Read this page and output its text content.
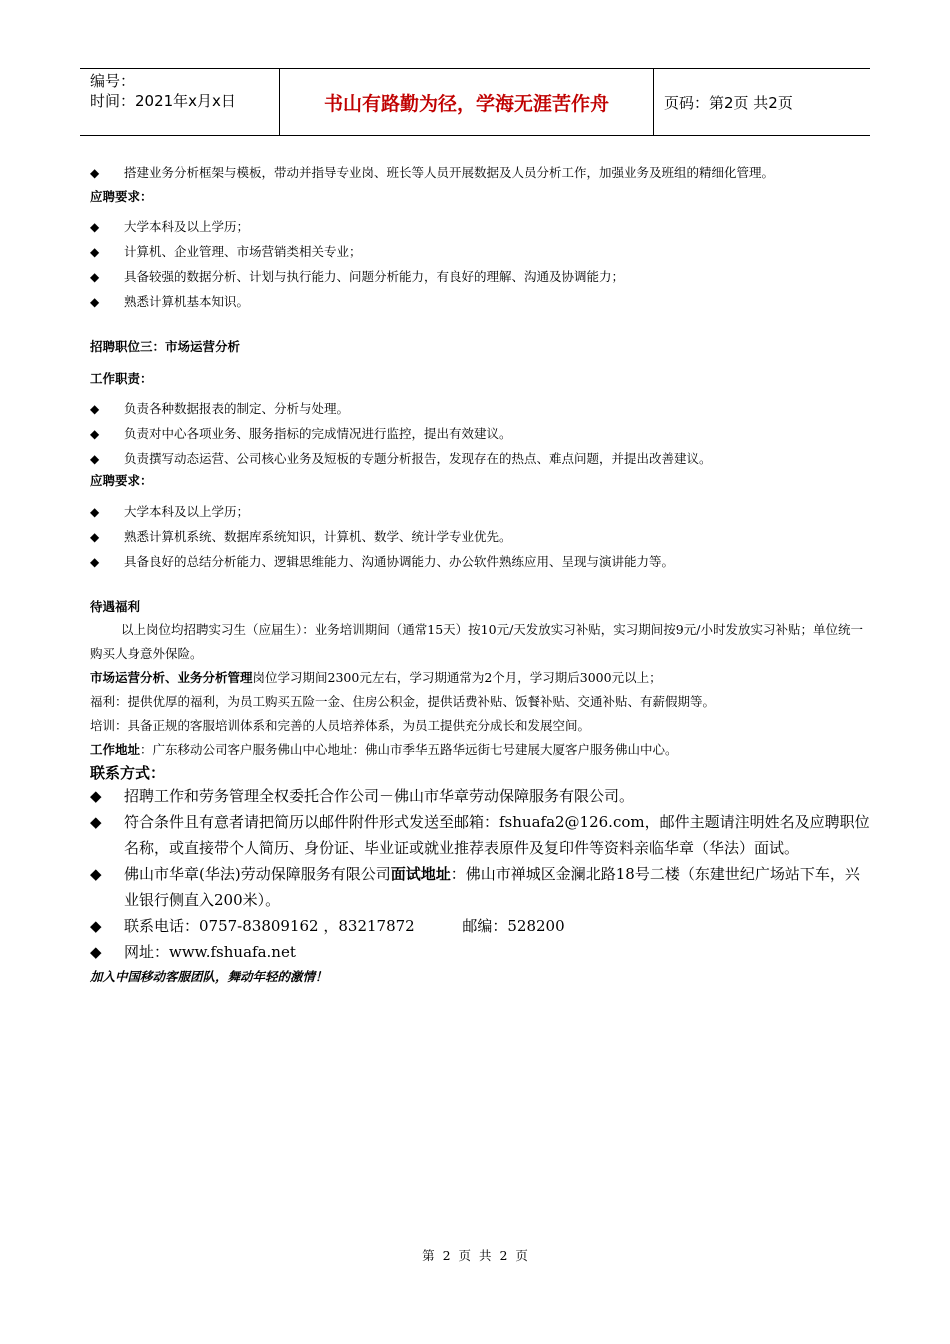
编号：
时间：2021年x月x日	书山有路勤为径，学海无涯苦作舟	页码：第2页 共2页
◆	搭建业务分析框架与模板，带动并指导专业岗、班长等人员开展数据及人员分析工作，加强业务及班组的精细化管理。
应聘要求：
◆	大学本科及以上学历；
◆	计算机、企业管理、市场营销类相关专业；
◆	具备较强的数据分析、计划与执行能力、问题分析能力，有良好的理解、沟通及协调能力；
◆	熟悉计算机基本知识。
招聘职位三：市场运营分析
工作职责：
◆	负责各种数据报表的制定、分析与处理。
◆	负责对中心各项业务、服务指标的完成情况进行监控，提出有效建议。
◆	负责撰写动态运营、公司核心业务及短板的专题分析报告，发现存在的热点、难点问题，并提出改善建议。
应聘要求：
◆	大学本科及以上学历；
◆	熟悉计算机系统、数据库系统知识，计算机、数学、统计学专业优先。
◆	具备良好的总结分析能力、逻辑思维能力、沟通协调能力、办公软件熟练应用、呈现与演讲能力等。
待遇福利
以上岗位均招聘实习生（应届生）：业务培训期间（通常15天）按10元/天发放实习补贴，实习期间按9元/小时发放实习补贴；单位统一购买人身意外保险。
市场运营分析、业务分析管理岗位学习期间2300元左右，学习期通常为2个月，学习期后3000元以上；
福利：提供优厚的福利，为员工购买五险一金、住房公积金，提供话费补贴、饭餐补贴、交通补贴、有薪假期等。
培训：具备正规的客服培训体系和完善的人员培养体系，为员工提供充分成长和发展空间。
工作地址：广东移动公司客户服务佛山中心地址：佛山市季华五路华远街七号建展大厦客户服务佛山中心。
联系方式：
◆	招聘工作和劳务管理全权委托合作公司－佛山市华章劳动保障服务有限公司。
◆	符合条件且有意者请把简历以邮件附件形式发送至邮箱：fshuafa2@126.com，邮件主题请注明姓名及应聘职位名称，或直接带个人简历、身份证、毕业证或就业推荐表原件及复印件等资料亲临华章（华法）面试。
◆	佛山市华章(华法)劳动保障服务有限公司面试地址：佛山市禅城区金澜北路18号二楼（东建世纪广场站下车，兴业银行侧直入200米）。
◆	联系电话：0757-83809162 ，83217872          邮编：528200
◆	网址：www.fshuafa.net
加入中国移动客服团队，舞动年轻的激情！
第 2 页 共 2 页
